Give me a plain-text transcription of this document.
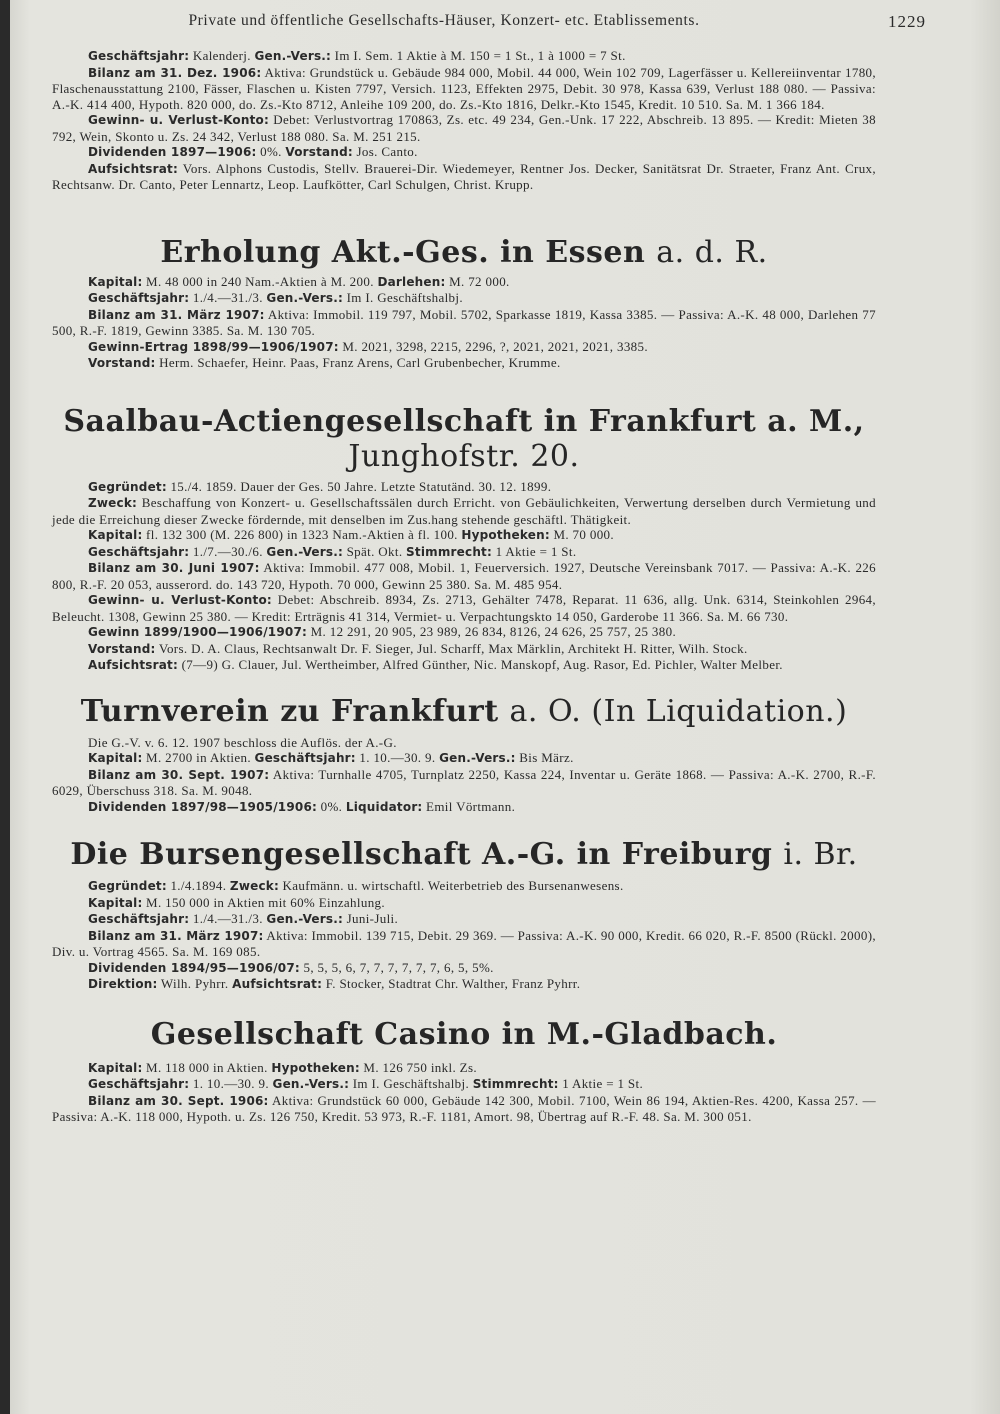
Private und öffentliche Gesellschafts-Häuser, Konzert- etc. Etablissements.	1229

Geschäftsjahr: Kalenderj. Gen.-Vers.: Im I. Sem. 1 Aktie à M. 150 = 1 St., 1 à 1000 = 7 St.

Bilanz am 31. Dez. 1906: Aktiva: Grundstück u. Gebäude 984 000, Mobil. 44 000, Wein 102 709, Lagerfässer u. Kellereiinventar 1780, Flaschenausstattung 2100, Fässer, Flaschen u. Kisten 7797, Versich. 1123, Effekten 2975, Debit. 30 978, Kassa 639, Verlust 188 080. — Passiva: A.-K. 414 400, Hypoth. 820 000, do. Zs.-Kto 8712, Anleihe 109 200, do. Zs.-Kto 1816, Delkr.-Kto 1545, Kredit. 10 510. Sa. M. 1 366 184.

Gewinn- u. Verlust-Konto: Debet: Verlustvortrag 170863, Zs. etc. 49 234, Gen.-Unk. 17 222, Abschreib. 13 895. — Kredit: Mieten 38 792, Wein, Skonto u. Zs. 24 342, Verlust 188 080. Sa. M. 251 215.

Dividenden 1897—1906: 0%. Vorstand: Jos. Canto.

Aufsichtsrat: Vors. Alphons Custodis, Stellv. Brauerei-Dir. Wiedemeyer, Rentner Jos. Decker, Sanitätsrat Dr. Straeter, Franz Ant. Crux, Rechtsanw. Dr. Canto, Peter Lennartz, Leop. Laufkötter, Carl Schulgen, Christ. Krupp.

Erholung Akt.-Ges. in Essen a. d. R.

Kapital: M. 48 000 in 240 Nam.-Aktien à M. 200. Darlehen: M. 72 000.

Geschäftsjahr: 1./4.—31./3. Gen.-Vers.: Im I. Geschäftshalbj.

Bilanz am 31. März 1907: Aktiva: Immobil. 119 797, Mobil. 5702, Sparkasse 1819, Kassa 3385. — Passiva: A.-K. 48 000, Darlehen 77 500, R.-F. 1819, Gewinn 3385. Sa. M. 130 705.

Gewinn-Ertrag 1898/99—1906/1907: M. 2021, 3298, 2215, 2296, ?, 2021, 2021, 2021, 3385.

Vorstand: Herm. Schaefer, Heinr. Paas, Franz Arens, Carl Grubenbecher, Krumme.

Saalbau-Actiengesellschaft in Frankfurt a. M., Junghofstr. 20.

Gegründet: 15./4. 1859. Dauer der Ges. 50 Jahre. Letzte Statutänd. 30. 12. 1899.

Zweck: Beschaffung von Konzert- u. Gesellschaftssälen durch Erricht. von Gebäulichkeiten, Verwertung derselben durch Vermietung und jede die Erreichung dieser Zwecke fördernde, mit denselben im Zus.hang stehende geschäftl. Thätigkeit.

Kapital: fl. 132 300 (M. 226 800) in 1323 Nam.-Aktien à fl. 100. Hypotheken: M. 70 000.

Geschäftsjahr: 1./7.—30./6. Gen.-Vers.: Spät. Okt. Stimmrecht: 1 Aktie = 1 St.

Bilanz am 30. Juni 1907: Aktiva: Immobil. 477 008, Mobil. 1, Feuerversich. 1927, Deutsche Vereinsbank 7017. — Passiva: A.-K. 226 800, R.-F. 20 053, ausserord. do. 143 720, Hypoth. 70 000, Gewinn 25 380. Sa. M. 485 954.

Gewinn- u. Verlust-Konto: Debet: Abschreib. 8934, Zs. 2713, Gehälter 7478, Reparat. 11 636, allg. Unk. 6314, Steinkohlen 2964, Beleucht. 1308, Gewinn 25 380. — Kredit: Erträgnis 41 314, Vermiet- u. Verpachtungskto 14 050, Garderobe 11 366. Sa. M. 66 730.

Gewinn 1899/1900—1906/1907: M. 12 291, 20 905, 23 989, 26 834, 8126, 24 626, 25 757, 25 380.

Vorstand: Vors. D. A. Claus, Rechtsanwalt Dr. F. Sieger, Jul. Scharff, Max Märklin, Architekt H. Ritter, Wilh. Stock.

Aufsichtsrat: (7—9) G. Clauer, Jul. Wertheimber, Alfred Günther, Nic. Manskopf, Aug. Rasor, Ed. Pichler, Walter Melber.

Turnverein zu Frankfurt a. O. (In Liquidation.)

Die G.-V. v. 6. 12. 1907 beschloss die Auflös. der A.-G.

Kapital: M. 2700 in Aktien. Geschäftsjahr: 1. 10.—30. 9. Gen.-Vers.: Bis März.

Bilanz am 30. Sept. 1907: Aktiva: Turnhalle 4705, Turnplatz 2250, Kassa 224, Inventar u. Geräte 1868. — Passiva: A.-K. 2700, R.-F. 6029, Überschuss 318. Sa. M. 9048.

Dividenden 1897/98—1905/1906: 0%. Liquidator: Emil Vörtmann.

Die Bursengesellschaft A.-G. in Freiburg i. Br.

Gegründet: 1./4.1894. Zweck: Kaufmänn. u. wirtschaftl. Weiterbetrieb des Bursenanwesens.

Kapital: M. 150 000 in Aktien mit 60% Einzahlung.

Geschäftsjahr: 1./4.—31./3. Gen.-Vers.: Juni-Juli.

Bilanz am 31. März 1907: Aktiva: Immobil. 139 715, Debit. 29 369. — Passiva: A.-K. 90 000, Kredit. 66 020, R.-F. 8500 (Rückl. 2000), Div. u. Vortrag 4565. Sa. M. 169 085.

Dividenden 1894/95—1906/07: 5, 5, 5, 6, 7, 7, 7, 7, 7, 7, 6, 5, 5%.

Direktion: Wilh. Pyhrr. Aufsichtsrat: F. Stocker, Stadtrat Chr. Walther, Franz Pyhrr.

Gesellschaft Casino in M.-Gladbach.

Kapital: M. 118 000 in Aktien. Hypotheken: M. 126 750 inkl. Zs.

Geschäftsjahr: 1. 10.—30. 9. Gen.-Vers.: Im I. Geschäftshalbj. Stimmrecht: 1 Aktie = 1 St.

Bilanz am 30. Sept. 1906: Aktiva: Grundstück 60 000, Gebäude 142 300, Mobil. 7100, Wein 86 194, Aktien-Res. 4200, Kassa 257. — Passiva: A.-K. 118 000, Hypoth. u. Zs. 126 750, Kredit. 53 973, R.-F. 1181, Amort. 98, Übertrag auf R.-F. 48. Sa. M. 300 051.
